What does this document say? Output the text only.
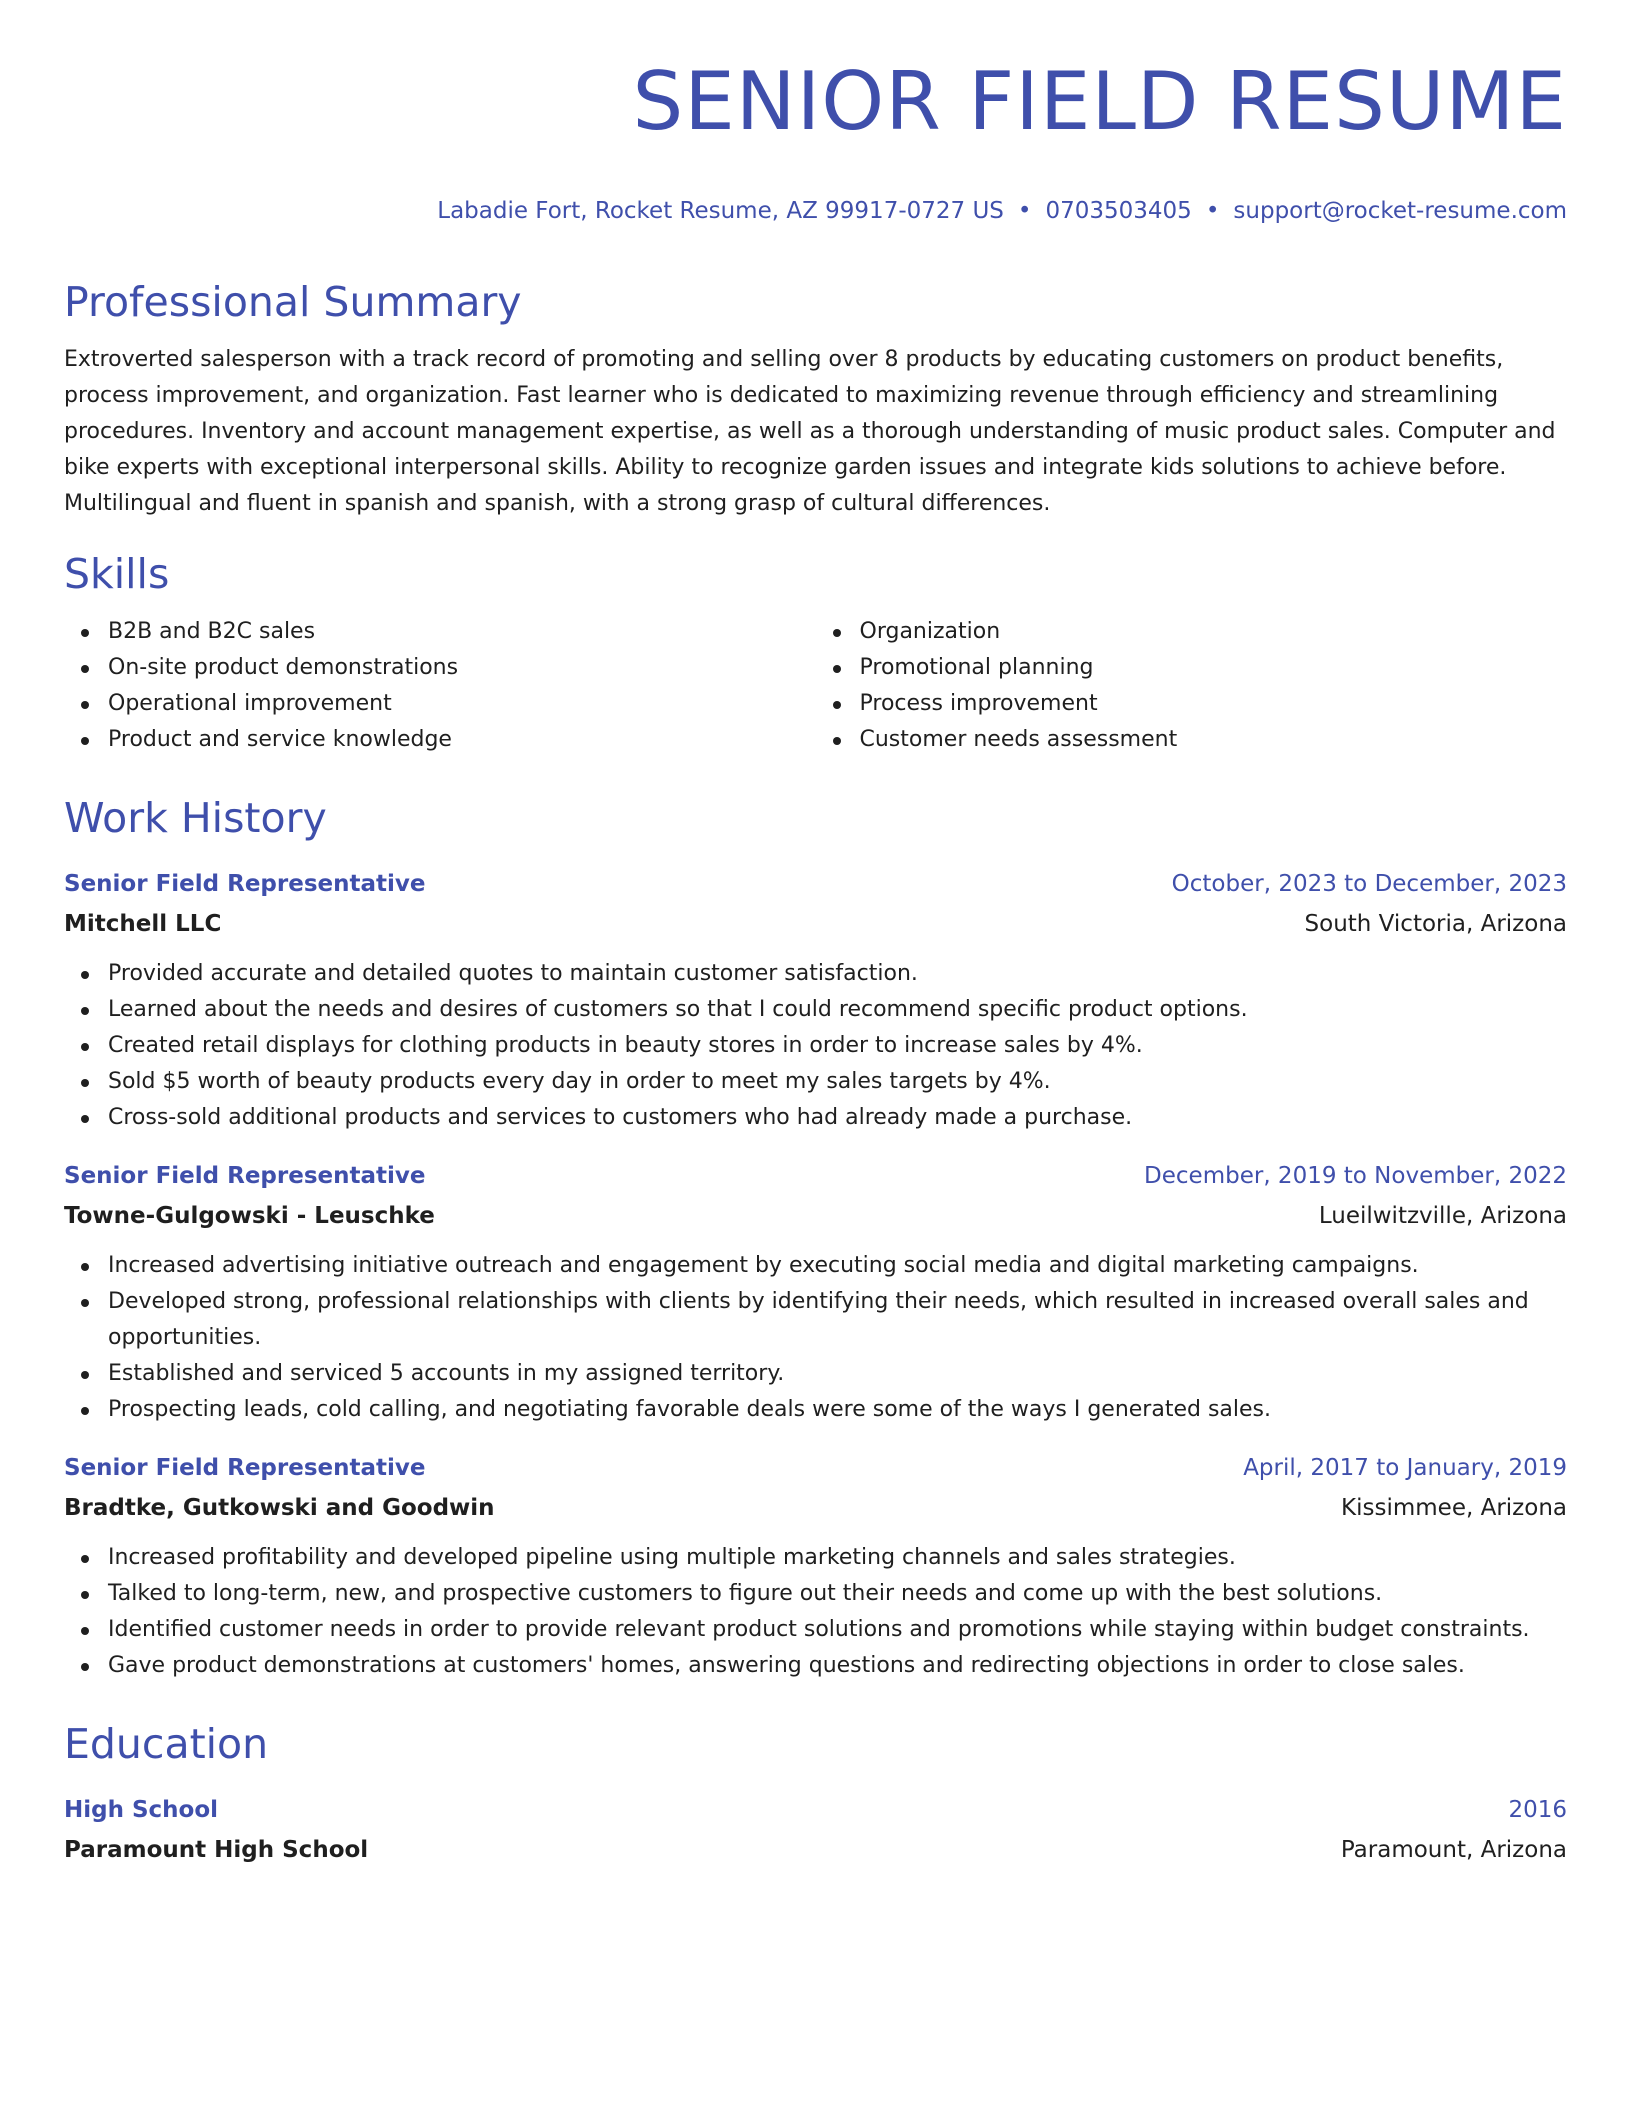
SENIOR FIELD RESUME
Labadie Fort, Rocket Resume, AZ 99917-0727 US • 0703503405 • support@rocket-resume.com
Professional Summary
Extroverted salesperson with a track record of promoting and selling over 8 products by educating customers on product benefits, process improvement, and organization. Fast learner who is dedicated to maximizing revenue through efficiency and streamlining procedures. Inventory and account management expertise, as well as a thorough understanding of music product sales. Computer and bike experts with exceptional interpersonal skills. Ability to recognize garden issues and integrate kids solutions to achieve before. Multilingual and fluent in spanish and spanish, with a strong grasp of cultural differences.
Skills
B2B and B2C sales
On-site product demonstrations
Operational improvement
Product and service knowledge
Organization
Promotional planning
Process improvement
Customer needs assessment
Work History
Senior Field Representative	October, 2023 to December, 2023
Mitchell LLC	South Victoria, Arizona
Provided accurate and detailed quotes to maintain customer satisfaction.
Learned about the needs and desires of customers so that I could recommend specific product options.
Created retail displays for clothing products in beauty stores in order to increase sales by 4%.
Sold $5 worth of beauty products every day in order to meet my sales targets by 4%.
Cross-sold additional products and services to customers who had already made a purchase.
Senior Field Representative	December, 2019 to November, 2022
Towne-Gulgowski - Leuschke	Lueilwitzville, Arizona
Increased advertising initiative outreach and engagement by executing social media and digital marketing campaigns.
Developed strong, professional relationships with clients by identifying their needs, which resulted in increased overall sales and opportunities.
Established and serviced 5 accounts in my assigned territory.
Prospecting leads, cold calling, and negotiating favorable deals were some of the ways I generated sales.
Senior Field Representative	April, 2017 to January, 2019
Bradtke, Gutkowski and Goodwin	Kissimmee, Arizona
Increased profitability and developed pipeline using multiple marketing channels and sales strategies.
Talked to long-term, new, and prospective customers to figure out their needs and come up with the best solutions.
Identified customer needs in order to provide relevant product solutions and promotions while staying within budget constraints.
Gave product demonstrations at customers' homes, answering questions and redirecting objections in order to close sales.
Education
High School	2016
Paramount High School	Paramount, Arizona
